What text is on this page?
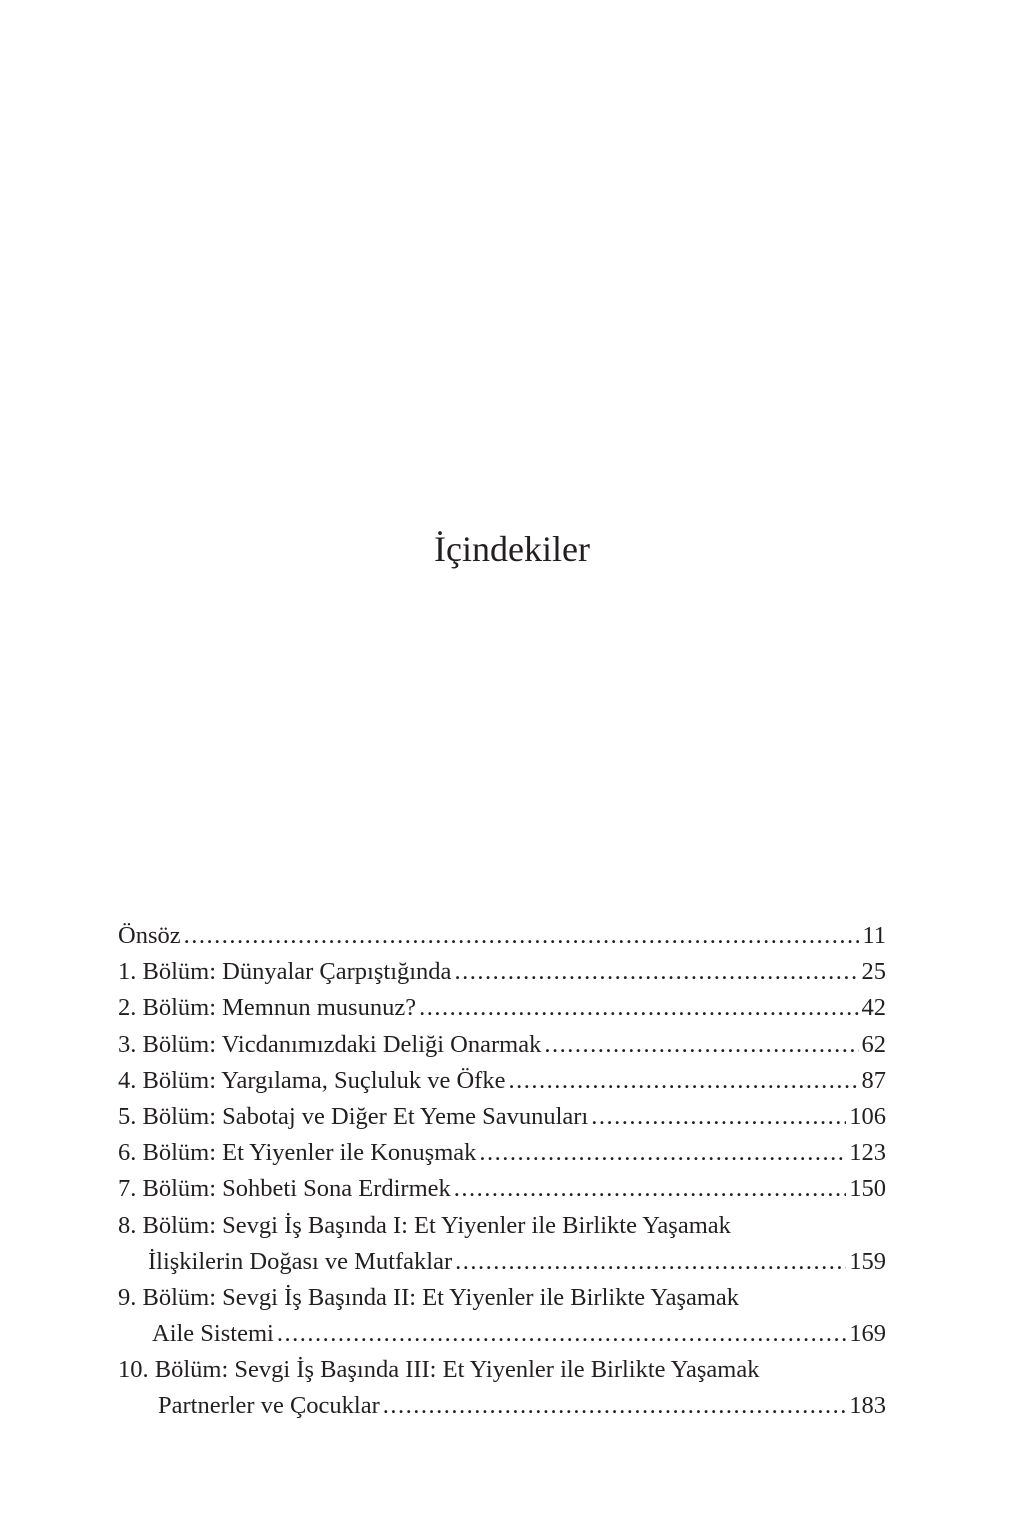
İçindekiler
Önsöz .....	11
1. Bölüm: Dünyalar Çarpıştığında .....	25
2. Bölüm: Memnun musunuz? .....	42
3. Bölüm: Vicdanımızdaki Deliği Onarmak .....	62
4. Bölüm: Yargılama, Suçluluk ve Öfke .....	87
5. Bölüm: Sabotaj ve Diğer Et Yeme Savunuları .....	106
6. Bölüm: Et Yiyenler ile Konuşmak .....	123
7. Bölüm: Sohbeti Sona Erdirmek .....	150
8. Bölüm: Sevgi İş Başında I: Et Yiyenler ile Birlikte Yaşamak
İlişkilerin Doğası ve Mutfaklar .....	159
9. Bölüm: Sevgi İş Başında II: Et Yiyenler ile Birlikte Yaşamak
Aile Sistemi .....	169
10. Bölüm: Sevgi İş Başında III: Et Yiyenler ile Birlikte Yaşamak
Partnerler ve Çocuklar .....	183
